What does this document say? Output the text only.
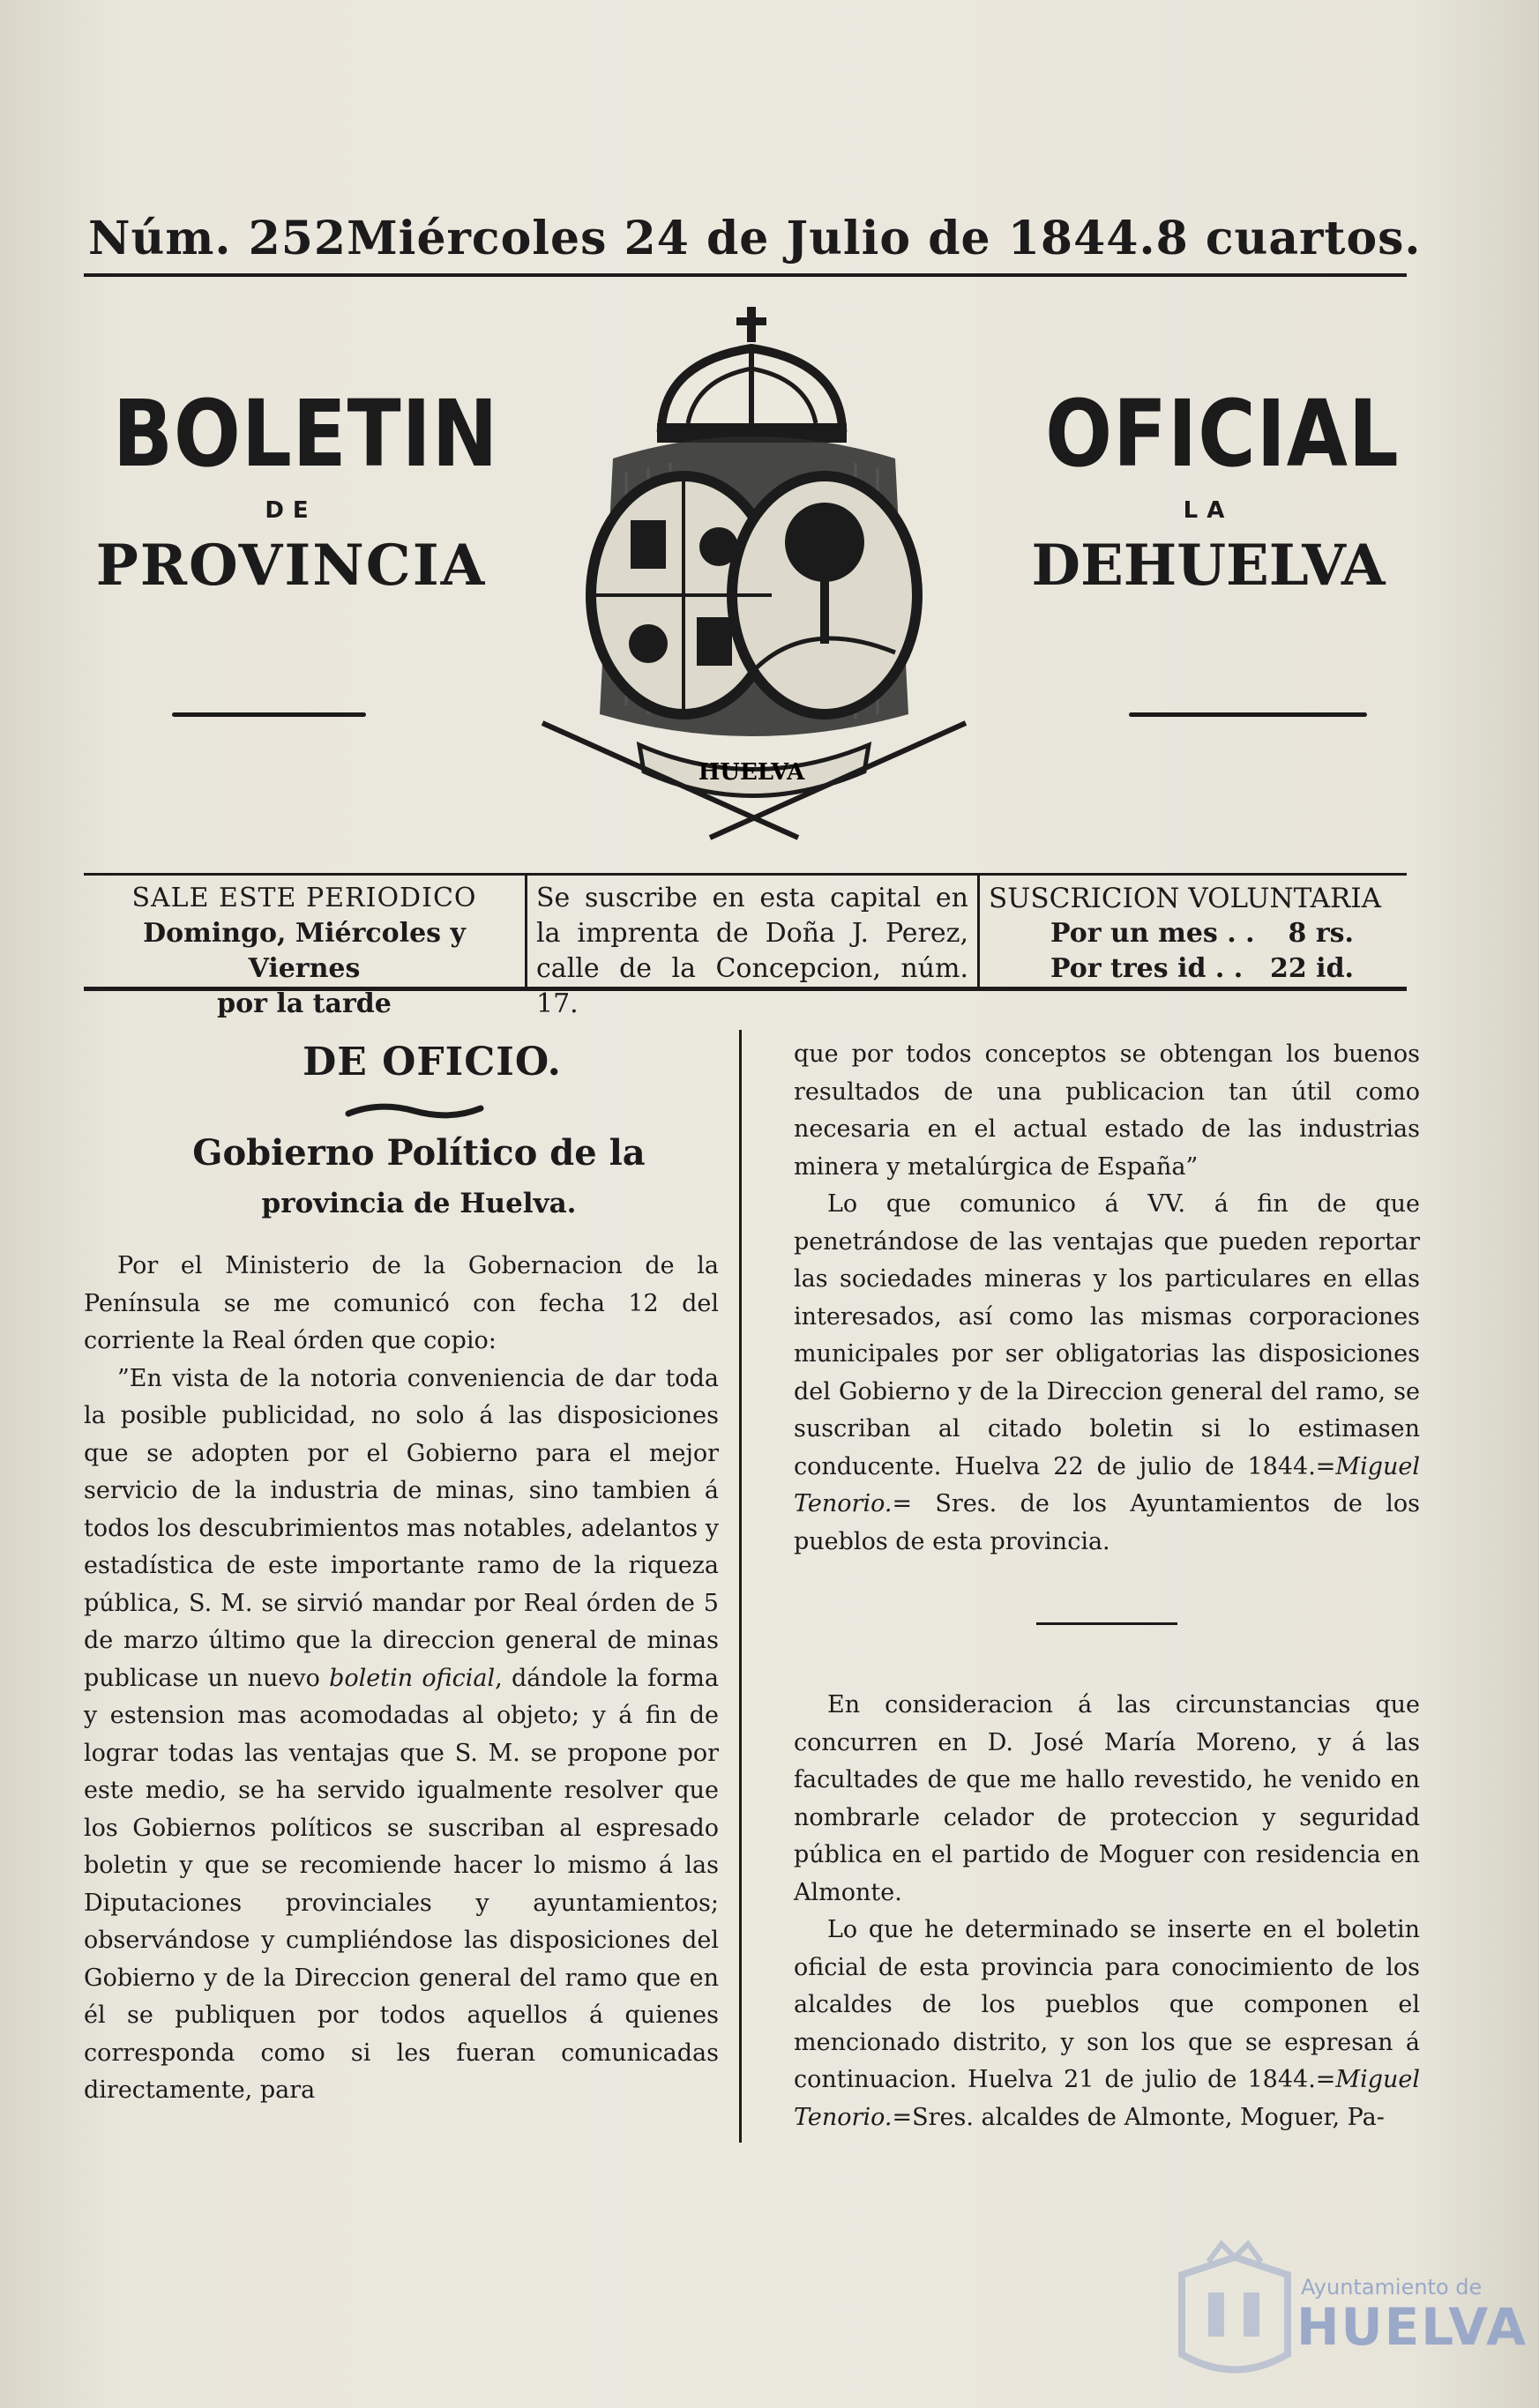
Núm. 252 Miércoles 24 de Julio de 1844. 8 cuartos.
BOLETIN
DE
PROVINCIA
OFICIAL
LA
DEHUELVA
HUELVA
SALE ESTE PERIODICO
Domingo, Miércoles y Viernes
por la tarde
Se suscribe en esta capital en la imprenta de Doña J. Perez, calle de la Concepcion, núm. 17.
SUSCRICION VOLUNTARIA
Por un mes . . 8 rs.
Por tres id . . 22 id.
DE OFICIO.
Gobierno Político de la
provincia de Huelva.

Por el Ministerio de la Gobernacion de la Península se me comunicó con fecha 12 del corriente la Real órden que copio:

”En vista de la notoria conveniencia de dar toda la posible publicidad, no solo á las disposiciones que se adopten por el Gobierno para el mejor servicio de la industria de minas, sino tambien á todos los descubrimientos mas notables, adelantos y estadística de este importante ramo de la riqueza pública, S. M. se sirvió mandar por Real órden de 5 de marzo último que la direccion general de minas publicase un nuevo boletin oficial, dándole la forma y estension mas acomodadas al objeto; y á fin de lograr todas las ventajas que S. M. se propone por este medio, se ha servido igualmente resolver que los Gobiernos políticos se suscriban al espresado boletin y que se recomiende hacer lo mismo á las Diputaciones provinciales y ayuntamientos; observándose y cumpliéndose las disposiciones del Gobierno y de la Direccion general del ramo que en él se publiquen por todos aquellos á quienes corresponda como si les fueran comunicadas directamente, para

que por todos conceptos se obtengan los buenos resultados de una publicacion tan útil como necesaria en el actual estado de las industrias minera y metalúrgica de España”

Lo que comunico á VV. á fin de que penetrándose de las ventajas que pueden reportar las sociedades mineras y los particulares en ellas interesados, así como las mismas corporaciones municipales por ser obligatorias las disposiciones del Gobierno y de la Direccion general del ramo, se suscriban al citado boletin si lo estimasen conducente. Huelva 22 de julio de 1844.=Miguel Tenorio.= Sres. de los Ayuntamientos de los pueblos de esta provincia.

En consideracion á las circunstancias que concurren en D. José María Moreno, y á las facultades de que me hallo revestido, he venido en nombrarle celador de proteccion y seguridad pública en el partido de Moguer con residencia en Almonte.

Lo que he determinado se inserte en el boletin oficial de esta provincia para conocimiento de los alcaldes de los pueblos que componen el mencionado distrito, y son los que se espresan á continuacion. Huelva 21 de julio de 1844.=Miguel Tenorio.=Sres. alcaldes de Almonte, Moguer, Pa-

Ayuntamiento de
HUELVA
